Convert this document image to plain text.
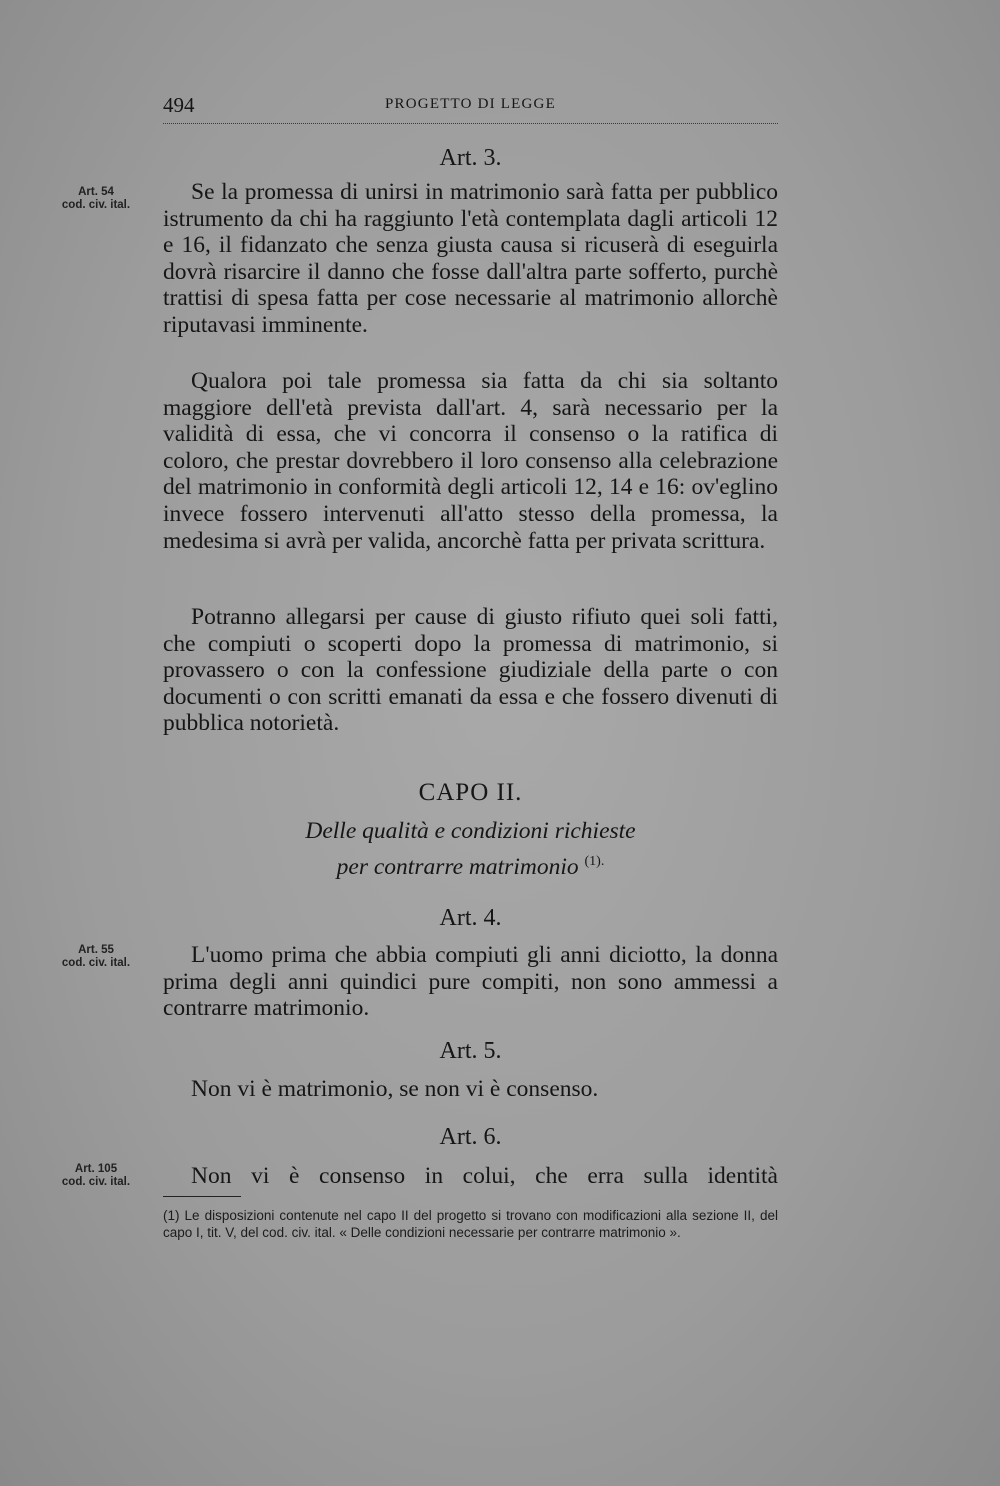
494	PROGETTO DI LEGGE
Art. 3.
Art. 54
cod. civ. ital.	Se la promessa di unirsi in matrimonio sarà fatta per pubblico istrumento da chi ha raggiunto l'età contemplata dagli articoli 12 e 16, il fidanzato che senza giusta causa si ricuserà di eseguirla dovrà risarcire il danno che fosse dall'altra parte sofferto, purchè trattisi di spesa fatta per cose necessarie al matrimonio allorchè riputavasi imminente.

Qualora poi tale promessa sia fatta da chi sia soltanto maggiore dell'età prevista dall'art. 4, sarà necessario per la validità di essa, che vi concorra il consenso o la ratifica di coloro, che prestar dovrebbero il loro consenso alla celebrazione del matrimonio in conformità degli articoli 12, 14 e 16: ov'eglino invece fossero intervenuti all'atto stesso della promessa, la medesima si avrà per valida, ancorchè fatta per privata scrittura.

Potranno allegarsi per cause di giusto rifiuto quei soli fatti, che compiuti o scoperti dopo la promessa di matrimonio, si provassero o con la confessione giudiziale della parte o con documenti o con scritti emanati da essa e che fossero divenuti di pubblica notorietà.

CAPO II.
Delle qualità e condizioni richieste
per contrarre matrimonio $^{(1).}$
Art. 4.
Art. 55
cod. civ. ital.	L'uomo prima che abbia compiuti gli anni diciotto, la donna prima degli anni quindici pure compiti, non sono ammessi a contrarre matrimonio.

Art. 5.

Non vi è matrimonio, se non vi è consenso.

Art. 6.
Art. 105
cod. civ. ital.	Non vi è consenso in colui, che erra sulla identità

(1) Le disposizioni contenute nel capo II del progetto si trovano con modificazioni alla sezione II, del capo I, tit. V, del cod. civ. ital. « Delle condizioni necessarie per contrarre matrimonio ».
